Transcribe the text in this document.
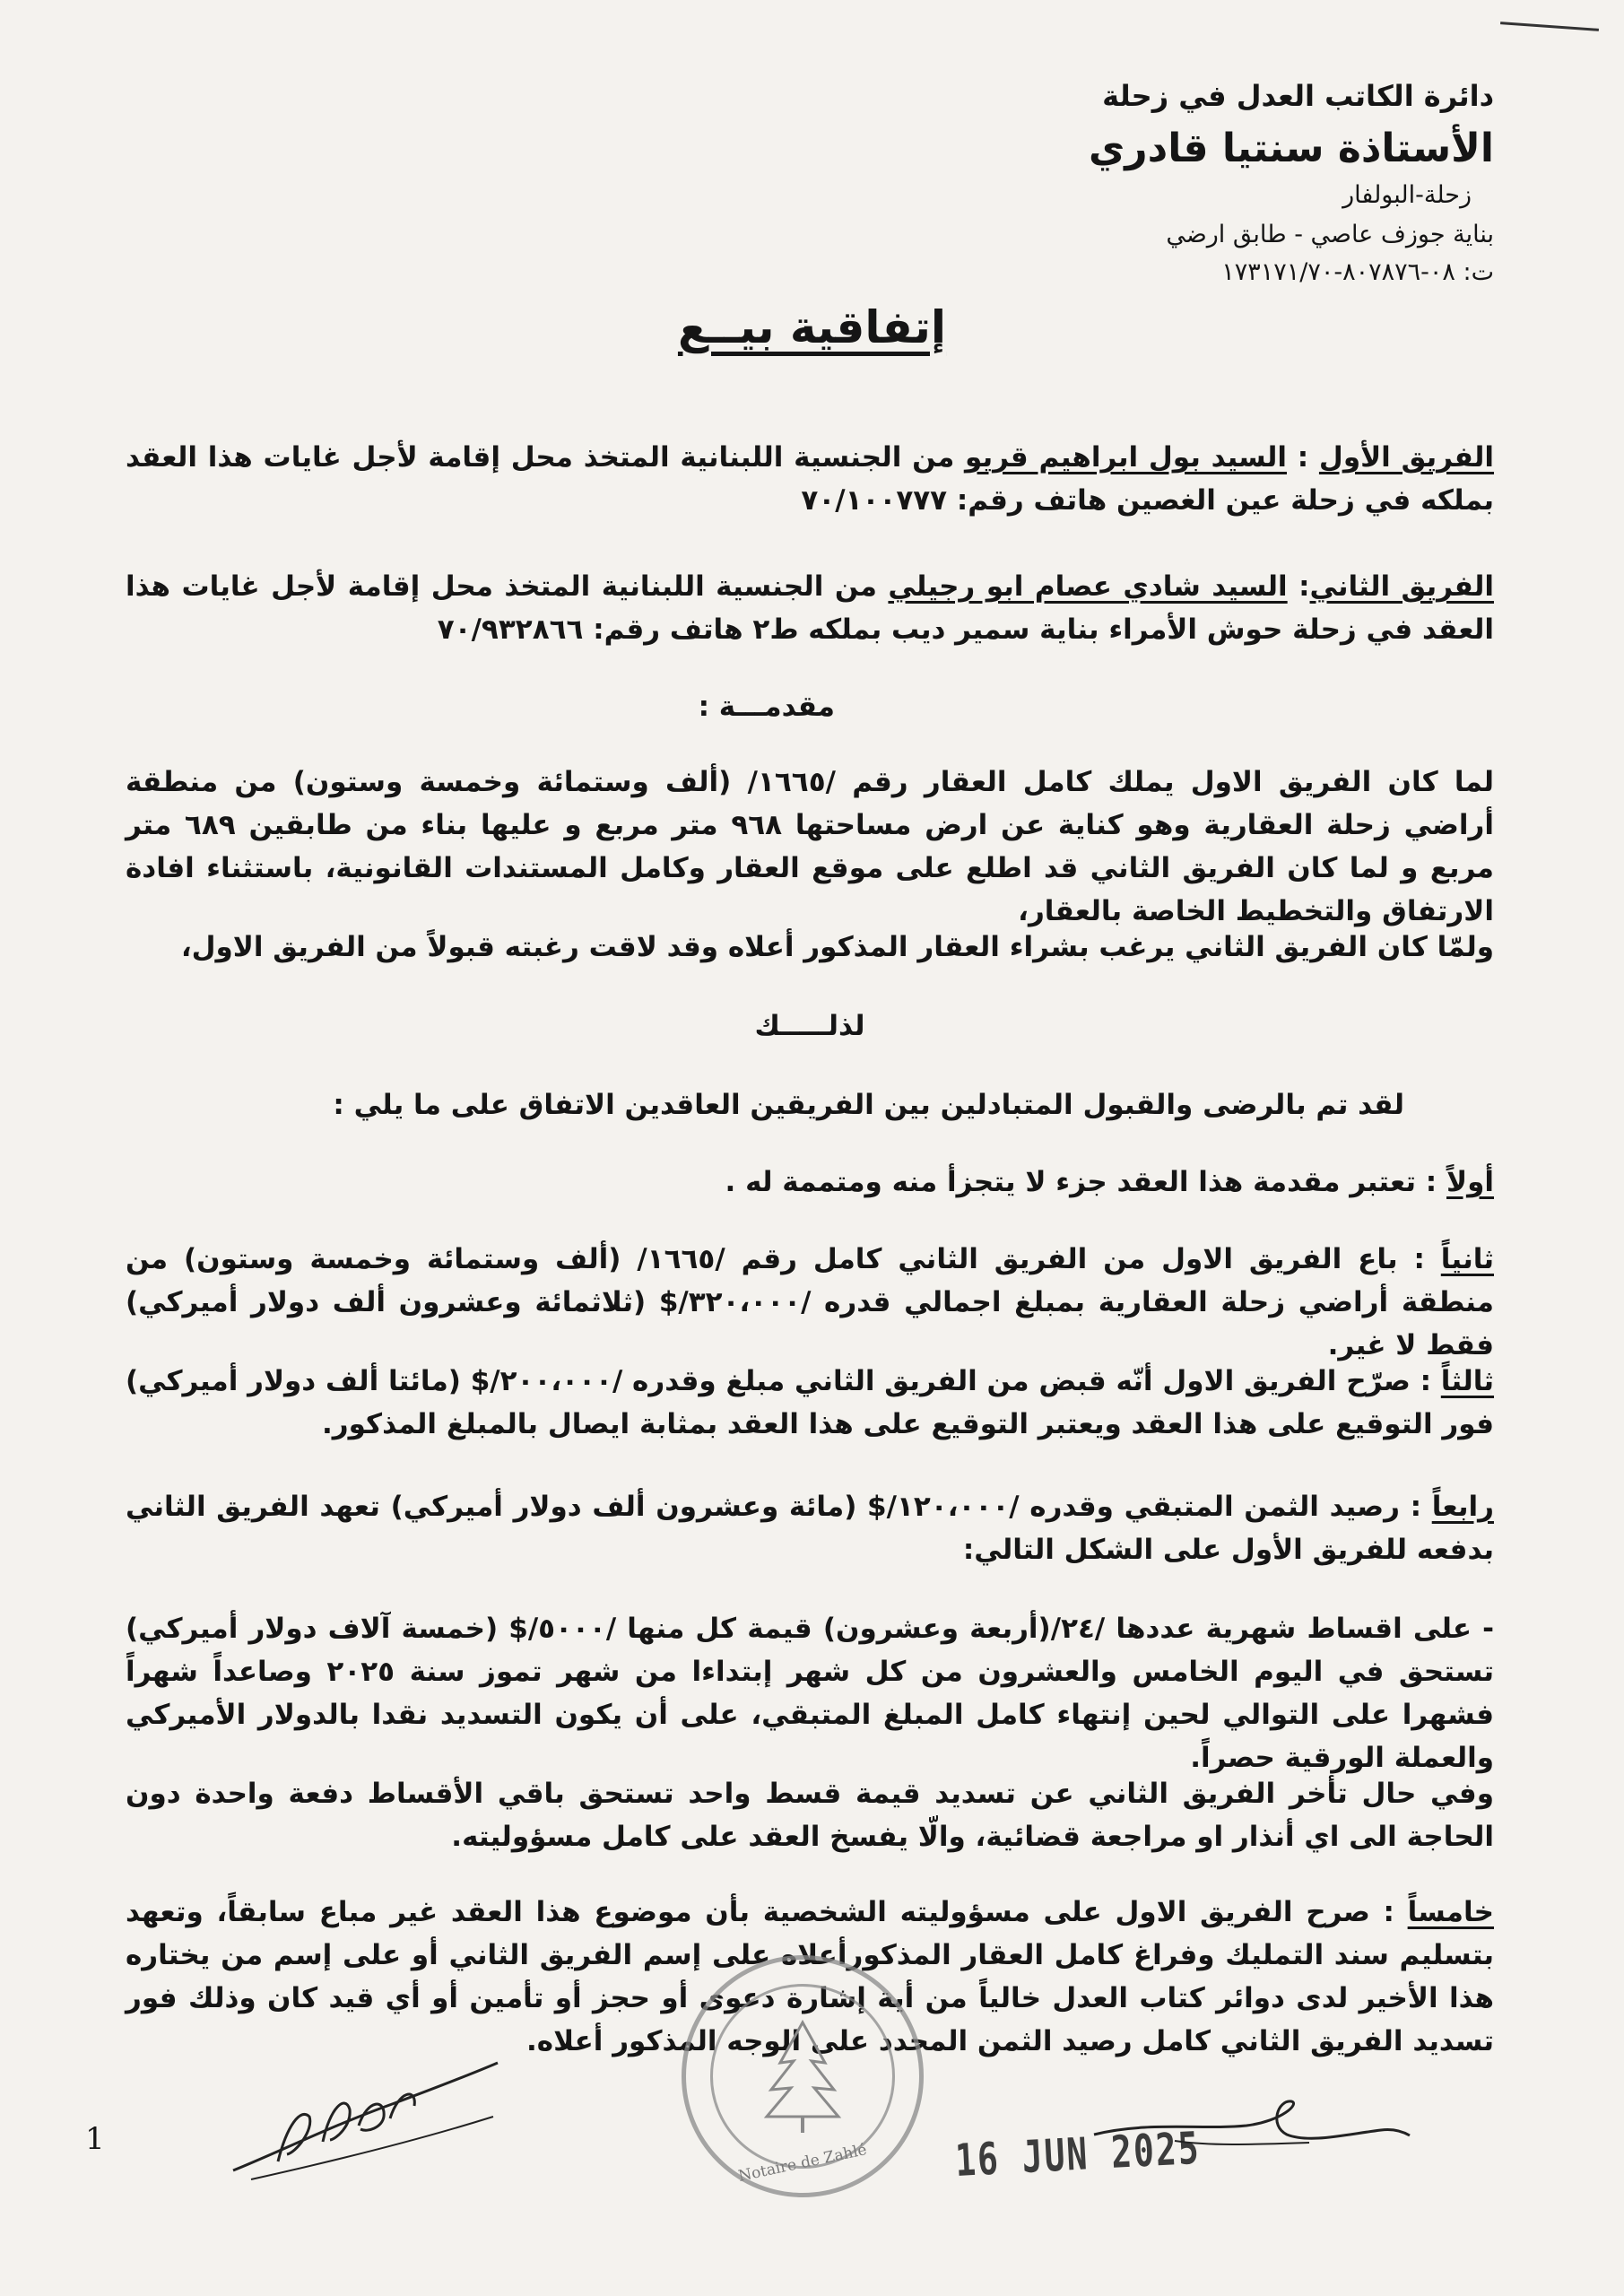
دائرة الكاتب العدل في زحلة
الأستاذة سنتيا قادري
زحلة-البولفار
بناية جوزف عاصي - طابق ارضي
ت: ٠٨-٨٠٧٨٧٦-١٧٣١٧١/٧٠
إتفاقية بيــع
الفريق الأول : السيد بول ابراهيم قريو من الجنسية اللبنانية المتخذ محل إقامة لأجل غايات هذا العقد بملكه في زحلة عين الغصين هاتف رقم: ٧٠/١٠٠٧٧٧
الفريق الثاني: السيد شادي عصام ابو رجيلي من الجنسية اللبنانية المتخذ محل إقامة لأجل غايات هذا العقد في زحلة حوش الأمراء بناية سمير ديب بملكه ط٢ هاتف رقم: ٧٠/٩٣٢٨٦٦
مقدمـــة :
لما كان الفريق الاول يملك كامل العقار رقم /١٦٦٥/ (ألف وستمائة وخمسة وستون) من منطقة أراضي زحلة العقارية وهو كناية عن ارض مساحتها ٩٦٨ متر مربع و عليها بناء من طابقين ٦٨٩ متر مربع و لما كان الفريق الثاني قد اطلع على موقع العقار وكامل المستندات القانونية، باستثناء افادة الارتفاق والتخطيط الخاصة بالعقار،
ولمّا كان الفريق الثاني يرغب بشراء العقار المذكور أعلاه وقد لاقت رغبته قبولاً من الفريق الاول،
لذلـــــك
لقد تم بالرضى والقبول المتبادلين بين الفريقين العاقدين الاتفاق على ما يلي :
أولاً : تعتبر مقدمة هذا العقد جزء لا يتجزأ منه ومتممة له .
ثانياً : باع الفريق الاول من الفريق الثاني كامل رقم /١٦٦٥/ (ألف وستمائة وخمسة وستون) من منطقة أراضي زحلة العقارية بمبلغ اجمالي قدره /٣٢٠،٠٠٠/$ (ثلاثمائة وعشرون ألف دولار أميركي) فقط لا غير.
ثالثاً : صرّح الفريق الاول أنّه قبض من الفريق الثاني مبلغ وقدره /٢٠٠،٠٠٠/$ (مائتا ألف دولار أميركي) فور التوقيع على هذا العقد ويعتبر التوقيع على هذا العقد بمثابة ايصال بالمبلغ المذكور.
رابعاً : رصيد الثمن المتبقي وقدره /١٢٠،٠٠٠/$ (مائة وعشرون ألف دولار أميركي) تعهد الفريق الثاني بدفعه للفريق الأول على الشكل التالي:
- على اقساط شهرية عددها /٢٤/(أربعة وعشرون) قيمة كل منها /٥٠٠٠/$ (خمسة آلاف دولار أميركي) تستحق في اليوم الخامس والعشرون من كل شهر إبتداءا من شهر تموز سنة ٢٠٢٥ وصاعداً شهراً فشهرا على التوالي لحين إنتهاء كامل المبلغ المتبقي، على أن يكون التسديد نقدا بالدولار الأميركي والعملة الورقية حصراً.
وفي حال تأخر الفريق الثاني عن تسديد قيمة قسط واحد تستحق باقي الأقساط دفعة واحدة دون الحاجة الى اي أنذار او مراجعة قضائية، والّا يفسخ العقد على كامل مسؤوليته.
خامساً : صرح الفريق الاول على مسؤوليته الشخصية بأن موضوع هذا العقد غير مباع سابقاً، وتعهد بتسليم سند التمليك وفراغ كامل العقار المذكورأعلاه على إسم الفريق الثاني أو على إسم من يختاره هذا الأخير لدى دوائر كتاب العدل خالياً من أية إشارة دعوى أو حجز أو تأمين أو أي قيد كان وذلك فور تسديد الفريق الثاني كامل رصيد الثمن المحدد على الوجه المذكور أعلاه.
Notaire de Zahlé	16 JUN 2025
1
